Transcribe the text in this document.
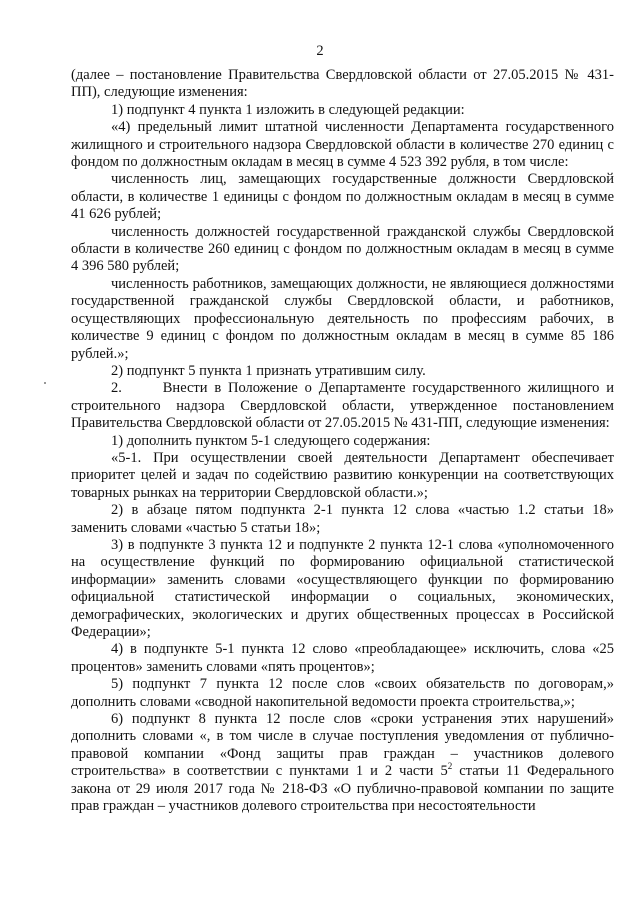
2

(далее – постановление Правительства Свердловской области от 27.05.2015 № 431-ПП), следующие изменения:

1) подпункт 4 пункта 1 изложить в следующей редакции:

«4) предельный лимит штатной численности Департамента государственного жилищного и строительного надзора Свердловской области в количестве 270 единиц с фондом по должностным окладам в месяц в сумме 4 523 392 рубля, в том числе:

численность лиц, замещающих государственные должности Свердловской области, в количестве 1 единицы с фондом по должностным окладам в месяц в сумме 41 626 рублей;

численность должностей государственной гражданской службы Свердловской области в количестве 260 единиц с фондом по должностным окладам в месяц в сумме 4 396 580 рублей;

численность работников, замещающих должности, не являющиеся должностями государственной гражданской службы Свердловской области, и работников, осуществляющих профессиональную деятельность по профессиям рабочих, в количестве 9 единиц с фондом по должностным окладам в месяц в сумме 85 186 рублей.»;

2) подпункт 5 пункта 1 признать утратившим силу.

2.      Внести в Положение о Департаменте государственного жилищного и строительного надзора Свердловской области, утвержденное постановлением Правительства Свердловской области от 27.05.2015 № 431-ПП, следующие изменения:

1) дополнить пунктом 5-1 следующего содержания:

«5-1. При осуществлении своей деятельности Департамент обеспечивает приоритет целей и задач по содействию развитию конкуренции на соответствующих товарных рынках на территории Свердловской области.»;

2) в абзаце пятом подпункта 2-1 пункта 12 слова «частью 1.2 статьи 18» заменить словами «частью 5 статьи 18»;

3) в подпункте 3 пункта 12 и подпункте 2 пункта 12-1 слова «уполномоченного на осуществление функций по формированию официальной статистической информации» заменить словами «осуществляющего функции по формированию официальной статистической информации о социальных, экономических, демографических, экологических и других общественных процессах в Российской Федерации»;

4) в подпункте 5-1 пункта 12 слово «преобладающее» исключить, слова «25 процентов» заменить словами «пять процентов»;

5) подпункт 7 пункта 12 после слов «своих обязательств по договорам,» дополнить словами «сводной накопительной ведомости проекта строительства,»;

6) подпункт 8 пункта 12 после слов «сроки устранения этих нарушений» дополнить словами «, в том числе в случае поступления уведомления от публично-правовой компании «Фонд защиты прав граждан – участников долевого строительства» в соответствии с пунктами 1 и 2 части $5^2$ статьи 11 Федерального закона от 29 июля 2017 года № 218-ФЗ «О публично-правовой компании по защите прав граждан – участников долевого строительства при несостоятельности
